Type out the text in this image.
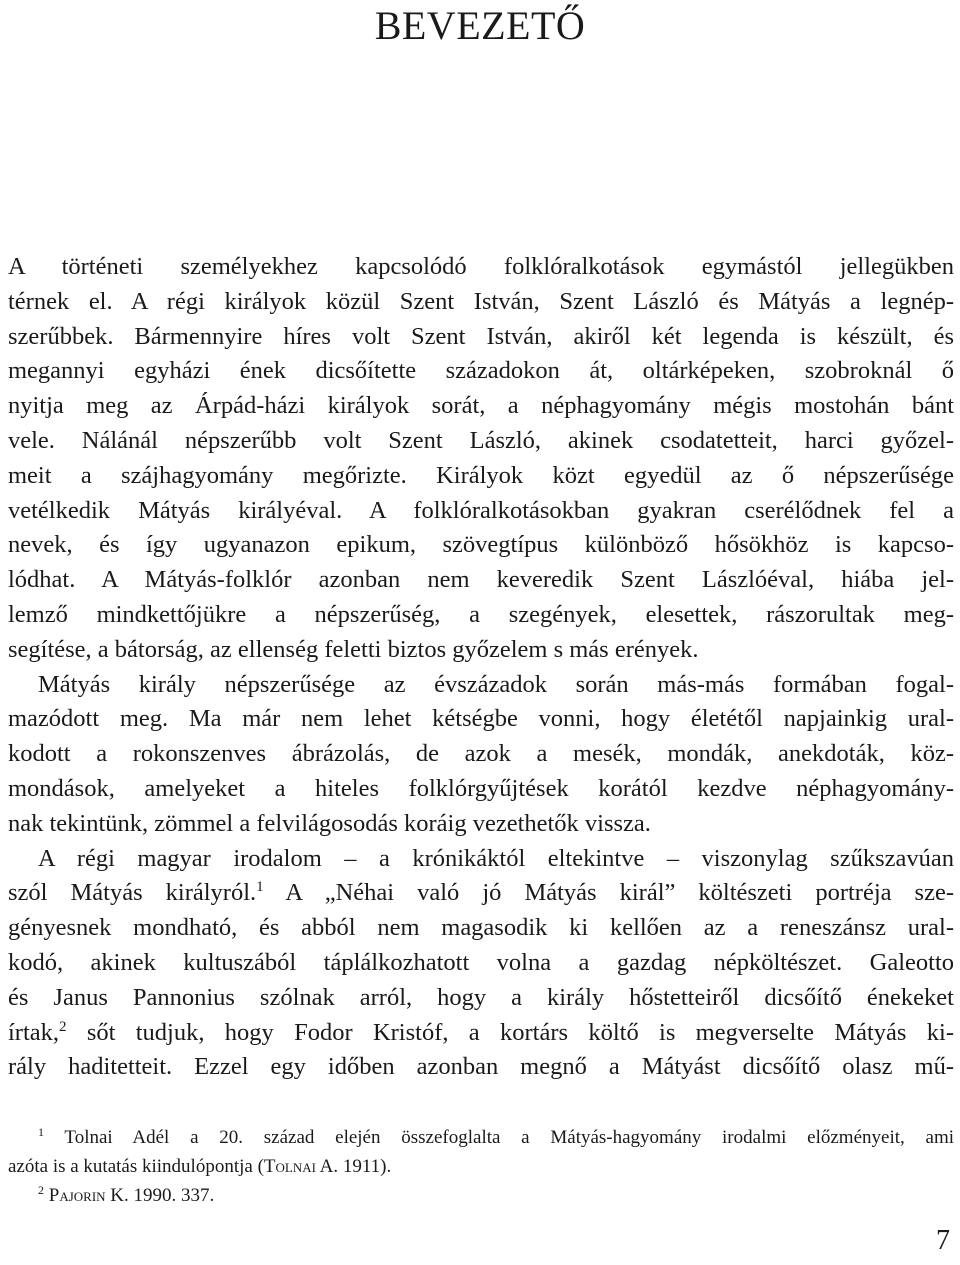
BEVEZETŐ
A történeti személyekhez kapcsolódó folklóralkotások egymástól jellegükben
térnek el. A régi királyok közül Szent István, Szent László és Mátyás a legnép-
szerűbbek. Bármennyire híres volt Szent István, akiről két legenda is készült, és
megannyi egyházi ének dicsőítette századokon át, oltárképeken, szobroknál ő
nyitja meg az Árpád-házi királyok sorát, a néphagyomány mégis mostohán bánt
vele. Nálánál népszerűbb volt Szent László, akinek csodatetteit, harci győzel-
meit a szájhagyomány megőrizte. Királyok közt egyedül az ő népszerűsége
vetélkedik Mátyás királyéval. A folklóralkotásokban gyakran cserélődnek fel a
nevek, és így ugyanazon epikum, szövegtípus különböző hősökhöz is kapcso-
lódhat. A Mátyás-folklór azonban nem keveredik Szent Lászlóéval, hiába jel-
lemző mindkettőjükre a népszerűség, a szegények, elesettek, rászorultak meg-
segítése, a bátorság, az ellenség feletti biztos győzelem s más erények.
Mátyás király népszerűsége az évszázadok során más-más formában fogal-
mazódott meg. Ma már nem lehet kétségbe vonni, hogy életétől napjainkig ural-
kodott a rokonszenves ábrázolás, de azok a mesék, mondák, anekdoták, köz-
mondások, amelyeket a hiteles folklórgyűjtések korától kezdve néphagyomány-
nak tekintünk, zömmel a felvilágosodás koráig vezethetők vissza.
A régi magyar irodalom – a krónikáktól eltekintve – viszonylag szűkszavúan
szól Mátyás királyról.$^1$ A „Néhai való jó Mátyás királ” költészeti portréja sze-
gényesnek mondható, és abból nem magasodik ki kellően az a reneszánsz ural-
kodó, akinek kultuszából táplálkozhatott volna a gazdag népköltészet. Galeotto
és Janus Pannonius szólnak arról, hogy a király hőstetteiről dicsőítő énekeket
írtak,$^2$ sőt tudjuk, hogy Fodor Kristóf, a kortárs költő is megverselte Mátyás ki-
rály haditetteit. Ezzel egy időben azonban megnő a Mátyást dicsőítő olasz mű-
$^1$ Tolnai Adél a 20. század elején összefoglalta a Mátyás-hagyomány irodalmi előzményeit, ami
azóta is a kutatás kiindulópontja (Tolnai A. 1911).
$^2$ Pajorin K. 1990. 337.
7
